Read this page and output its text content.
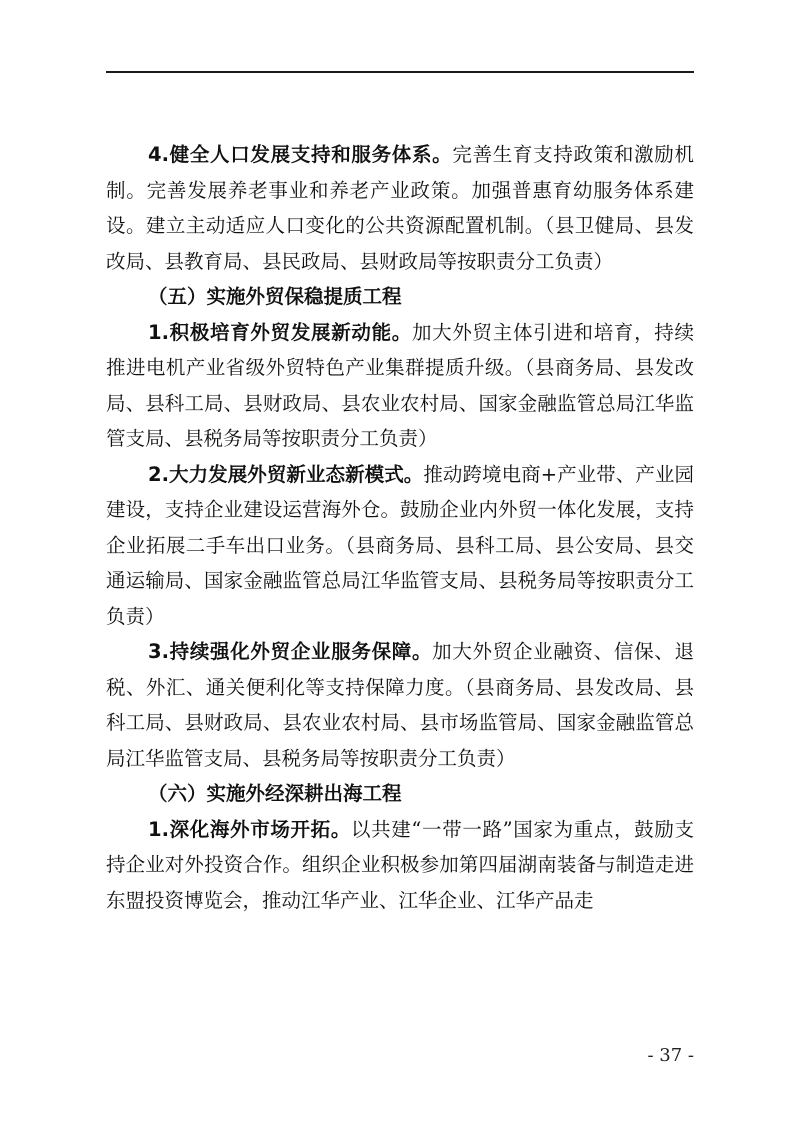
4.健全人口发展支持和服务体系。完善生育支持政策和激励机制。完善发展养老事业和养老产业政策。加强普惠育幼服务体系建设。建立主动适应人口变化的公共资源配置机制。（县卫健局、县发改局、县教育局、县民政局、县财政局等按职责分工负责）

（五）实施外贸保稳提质工程

1.积极培育外贸发展新动能。加大外贸主体引进和培育，持续推进电机产业省级外贸特色产业集群提质升级。（县商务局、县发改局、县科工局、县财政局、县农业农村局、国家金融监管总局江华监管支局、县税务局等按职责分工负责）

2.大力发展外贸新业态新模式。推动跨境电商+产业带、产业园建设，支持企业建设运营海外仓。鼓励企业内外贸一体化发展，支持企业拓展二手车出口业务。（县商务局、县科工局、县公安局、县交通运输局、国家金融监管总局江华监管支局、县税务局等按职责分工负责）

3.持续强化外贸企业服务保障。加大外贸企业融资、信保、退税、外汇、通关便利化等支持保障力度。（县商务局、县发改局、县科工局、县财政局、县农业农村局、县市场监管局、国家金融监管总局江华监管支局、县税务局等按职责分工负责）

（六）实施外经深耕出海工程

1.深化海外市场开拓。以共建“一带一路”国家为重点，鼓励支持企业对外投资合作。组织企业积极参加第四届湖南装备与制造走进东盟投资博览会，推动江华产业、江华企业、江华产品走

- 37 -
